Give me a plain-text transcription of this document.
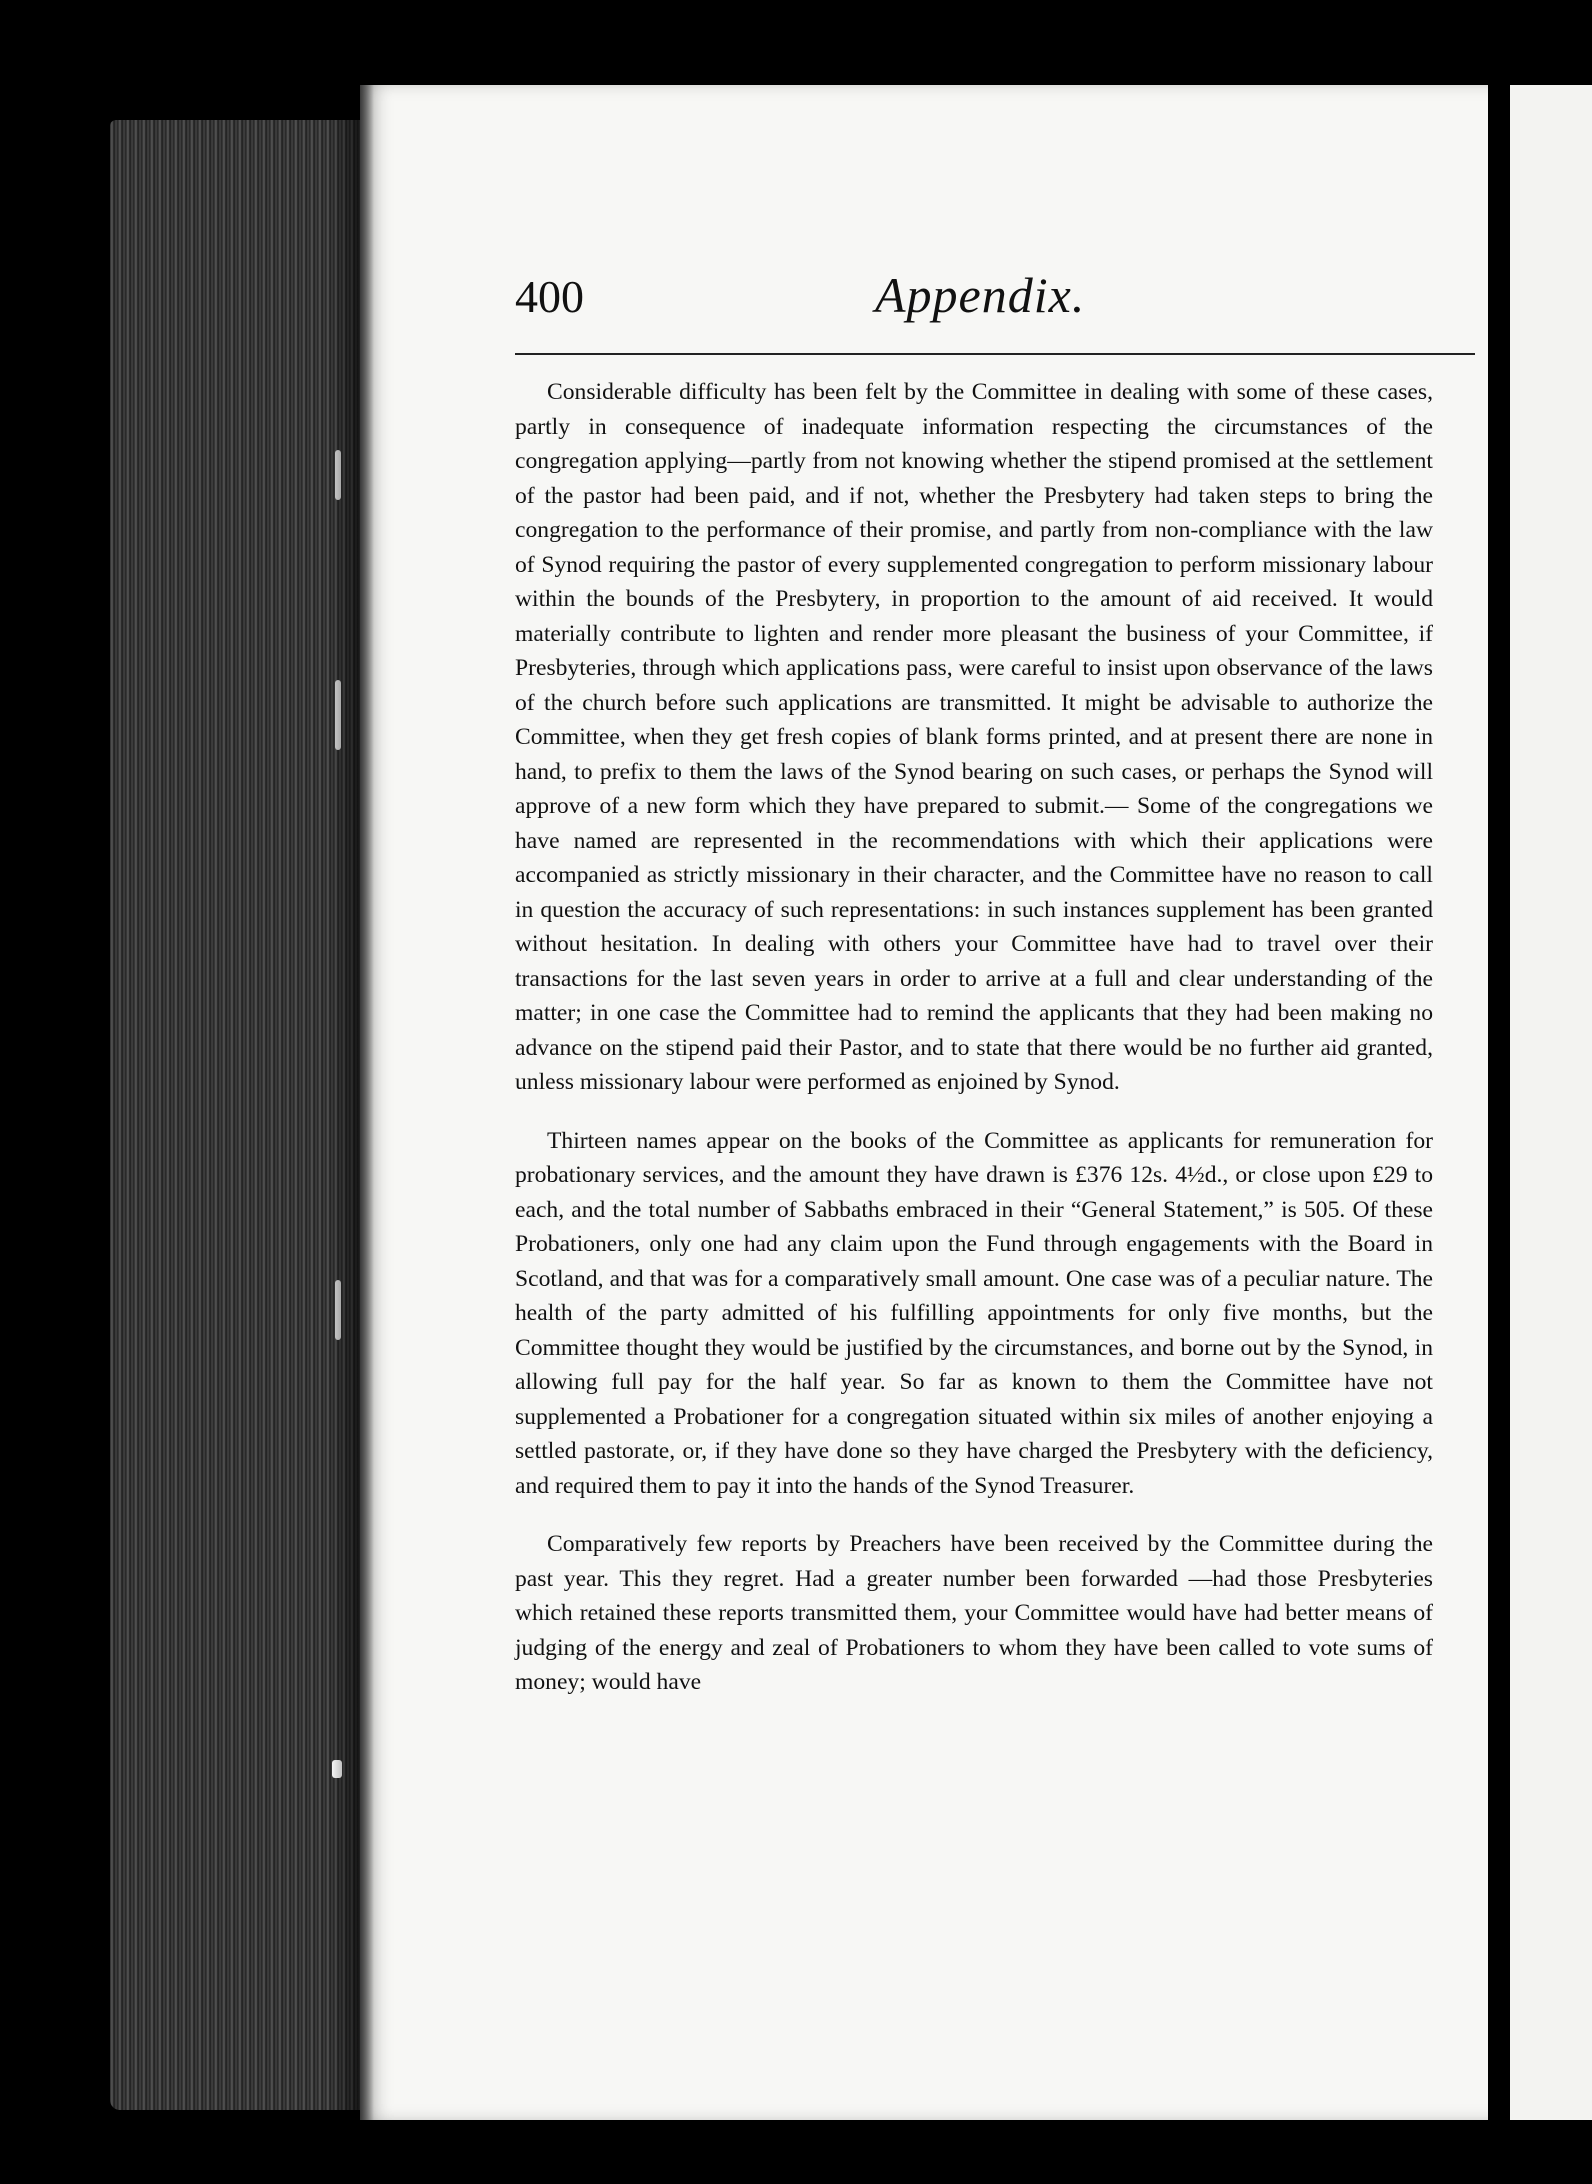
400	Appendix.

Considerable difficulty has been felt by the Committee in dealing with some of these cases, partly in consequence of inadequate information respecting the circumstances of the congregation applying—partly from not knowing whether the stipend promised at the settlement of the pastor had been paid, and if not, whether the Presbytery had taken steps to bring the congregation to the performance of their promise, and partly from non-compliance with the law of Synod requiring the pastor of every supplemented congregation to perform missionary labour within the bounds of the Presbytery, in proportion to the amount of aid received. It would materially contribute to lighten and render more pleasant the business of your Committee, if Presbyteries, through which applications pass, were careful to insist upon observance of the laws of the church before such applications are transmitted. It might be advisable to authorize the Committee, when they get fresh copies of blank forms printed, and at present there are none in hand, to prefix to them the laws of the Synod bearing on such cases, or perhaps the Synod will approve of a new form which they have prepared to submit.— Some of the congregations we have named are represented in the recommendations with which their applications were accompanied as strictly missionary in their character, and the Committee have no reason to call in question the accuracy of such representations: in such instances supplement has been granted without hesitation. In dealing with others your Committee have had to travel over their transactions for the last seven years in order to arrive at a full and clear understanding of the matter; in one case the Committee had to remind the applicants that they had been making no advance on the stipend paid their Pastor, and to state that there would be no further aid granted, unless missionary labour were performed as enjoined by Synod.

Thirteen names appear on the books of the Committee as applicants for remuneration for probationary services, and the amount they have drawn is £376 12s. 4½d., or close upon £29 to each, and the total number of Sabbaths embraced in their “General Statement,” is 505. Of these Probationers, only one had any claim upon the Fund through engagements with the Board in Scotland, and that was for a comparatively small amount. One case was of a peculiar nature. The health of the party admitted of his fulfilling appointments for only five months, but the Committee thought they would be justified by the circumstances, and borne out by the Synod, in allowing full pay for the half year. So far as known to them the Committee have not supplemented a Probationer for a congregation situated within six miles of another enjoying a settled pastorate, or, if they have done so they have charged the Presbytery with the deficiency, and required them to pay it into the hands of the Synod Treasurer.

Comparatively few reports by Preachers have been received by the Committee during the past year. This they regret. Had a greater number been forwarded —had those Presbyteries which retained these reports transmitted them, your Committee would have had better means of judging of the energy and zeal of Probationers to whom they have been called to vote sums of money; would have
